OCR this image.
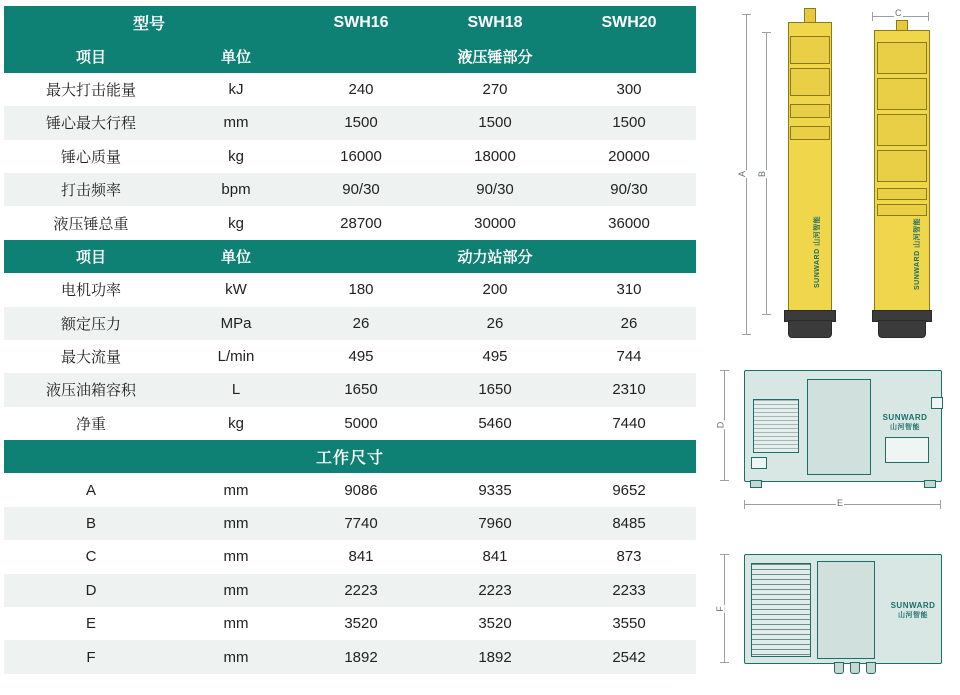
型号		SWH16	SWH18	SWH20
项目	单位	液压锤部分		
最大打击能量	kJ	240	270	300
锤心最大行程	mm	1500	1500	1500
锤心质量	kg	16000	18000	20000
打击频率	bpm	90/30	90/30	90/30
液压锤总重	kg	28700	30000	36000
项目	单位	动力站部分		
电机功率	kW	180	200	310
额定压力	MPa	26	26	26
最大流量	L/min	495	495	744
液压油箱容积	L	1650	1650	2310
净重	kg	5000	5460	7440
工作尺寸				
A	mm	9086	9335	9652
B	mm	7740	7960	8485
C	mm	841	841	873
D	mm	2223	2223	2233
E	mm	3520	3520	3550
F	mm	1892	1892	2542
A B
SUNWARD 山河智能
C
SUNWARD 山河智能
D
SUNWARD
山河智能
E
F	SUNWARD
山河智能
